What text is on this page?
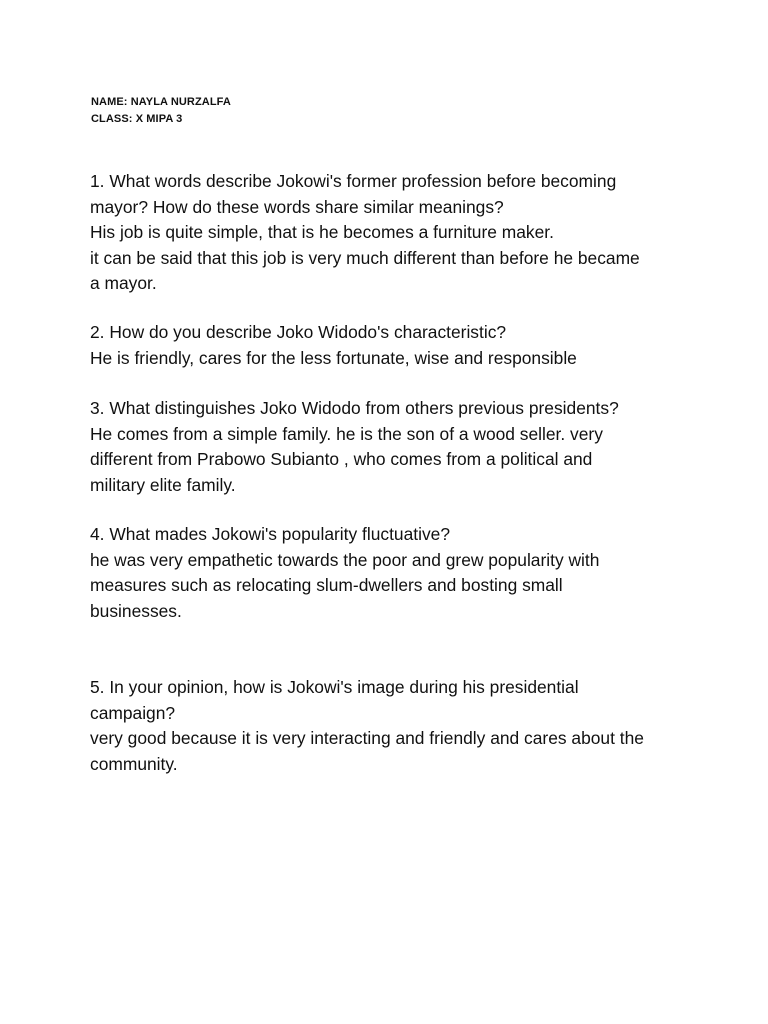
NAME: NAYLA NURZALFA
CLASS: X MIPA 3

1. What words describe Jokowi's former profession before becoming

mayor? How do these words share similar meanings?

His job is quite simple, that is he becomes a furniture maker.

it can be said that this job is very much different than before he became

a mayor.

2. How do you describe Joko Widodo's characteristic?

He is friendly, cares for the less fortunate, wise and responsible

3. What distinguishes Joko Widodo from others previous presidents?

He comes from a simple family. he is the son of a wood seller. very

different from Prabowo Subianto , who comes from a political and

military elite family.

4. What mades Jokowi's popularity fluctuative?

he was very empathetic towards the poor and grew popularity with

measures such as relocating slum-dwellers and bosting small

businesses.

5. In your opinion, how is Jokowi's image during his presidential

campaign?

very good because it is very interacting and friendly and cares about the

community.
